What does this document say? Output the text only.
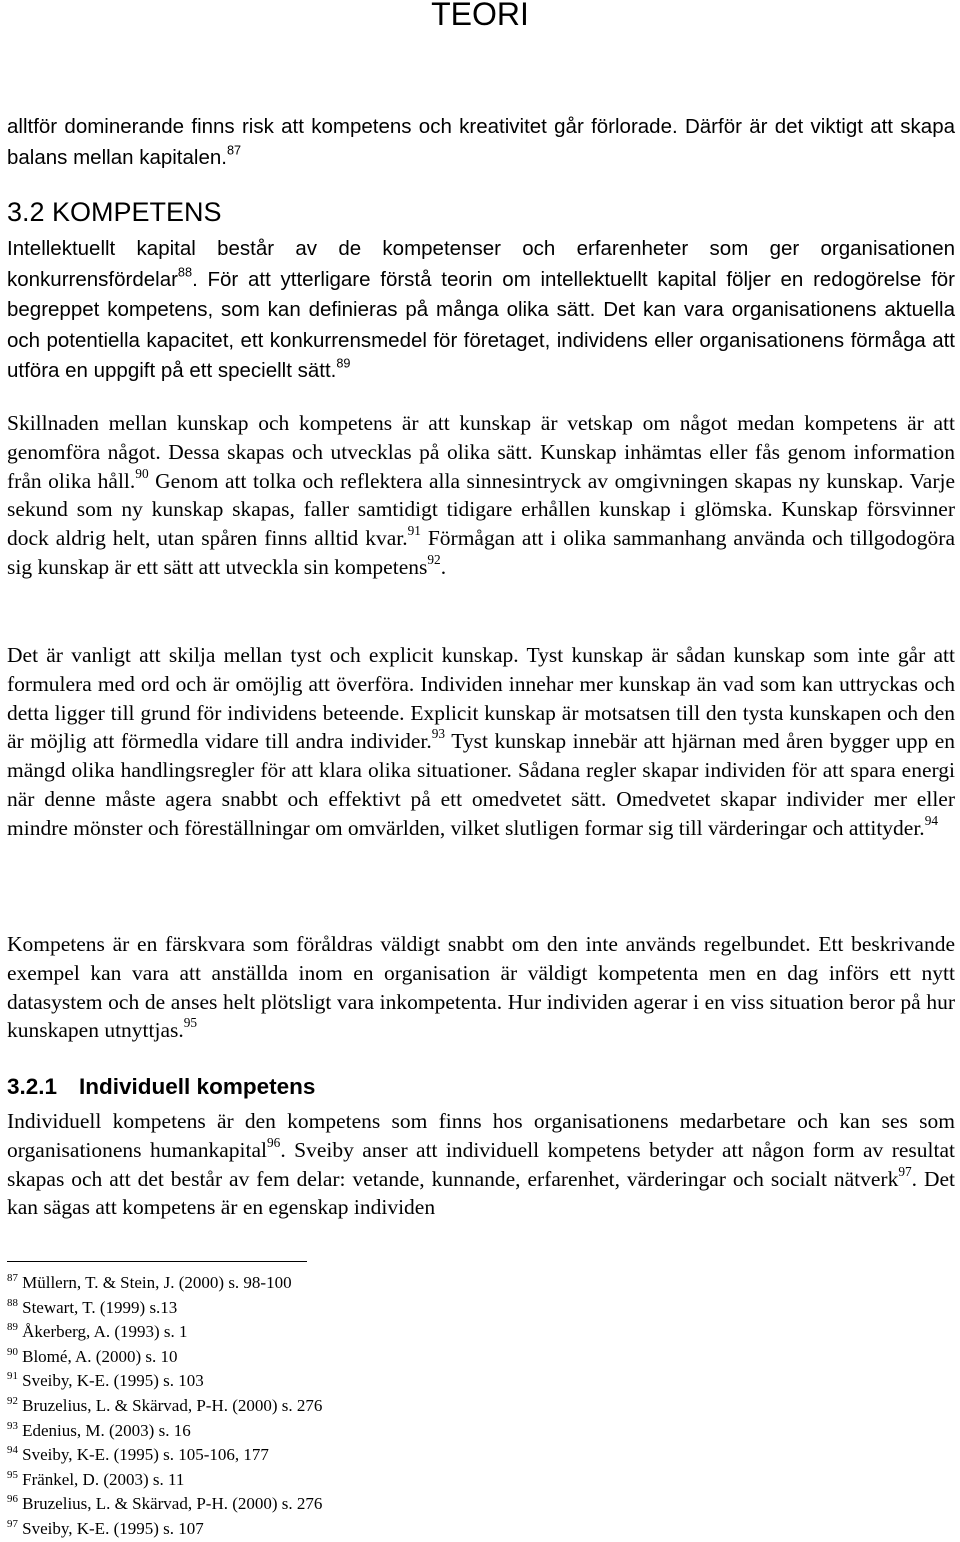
TEORI

alltför dominerande finns risk att kompetens och kreativitet går förlorade. Därför är det viktigt att skapa balans mellan kapitalen.$^{87}$

3.2 KOMPETENS

Intellektuellt kapital består av de kompetenser och erfarenheter som ger organisationen konkurrensfördelar$^{88}$. För att ytterligare förstå teorin om intellektuellt kapital följer en redogörelse för begreppet kompetens, som kan definieras på många olika sätt. Det kan vara organisationens aktuella och potentiella kapacitet, ett konkurrensmedel för företaget, individens eller organisationens förmåga att utföra en uppgift på ett speciellt sätt.$^{89}$

Skillnaden mellan kunskap och kompetens är att kunskap är vetskap om något medan kompetens är att genomföra något. Dessa skapas och utvecklas på olika sätt. Kunskap inhämtas eller fås genom information från olika håll.$^{90}$ Genom att tolka och reflektera alla sinnesintryck av omgivningen skapas ny kunskap. Varje sekund som ny kunskap skapas, faller samtidigt tidigare erhållen kunskap i glömska. Kunskap försvinner dock aldrig helt, utan spåren finns alltid kvar.$^{91}$ Förmågan att i olika sammanhang använda och tillgodogöra sig kunskap är ett sätt att utveckla sin kompetens$^{92}$.

Det är vanligt att skilja mellan tyst och explicit kunskap. Tyst kunskap är sådan kunskap som inte går att formulera med ord och är omöjlig att överföra. Individen innehar mer kunskap än vad som kan uttryckas och detta ligger till grund för individens beteende. Explicit kunskap är motsatsen till den tysta kunskapen och den är möjlig att förmedla vidare till andra individer.$^{93}$ Tyst kunskap innebär att hjärnan med åren bygger upp en mängd olika handlingsregler för att klara olika situationer. Sådana regler skapar individen för att spara energi när denne måste agera snabbt och effektivt på ett omedvetet sätt. Omedvetet skapar individer mer eller mindre mönster och föreställningar om omvärlden, vilket slutligen formar sig till värderingar och attityder.$^{94}$

Kompetens är en färskvara som föråldras väldigt snabbt om den inte används regelbundet. Ett beskrivande exempel kan vara att anställda inom en organisation är väldigt kompetenta men en dag införs ett nytt datasystem och de anses helt plötsligt vara inkompetenta. Hur individen agerar i en viss situation beror på hur kunskapen utnyttjas.$^{95}$

3.2.1 Individuell kompetens

Individuell kompetens är den kompetens som finns hos organisationens medarbetare och kan ses som organisationens humankapital$^{96}$. Sveiby anser att individuell kompetens betyder att någon form av resultat skapas och att det består av fem delar: vetande, kunnande, erfarenhet, värderingar och socialt nätverk$^{97}$. Det kan sägas att kompetens är en egenskap individen

$^{87}$ Müllern, T. & Stein, J. (2000) s. 98-100
$^{88}$ Stewart, T. (1999) s.13
$^{89}$ Åkerberg, A. (1993) s. 1
$^{90}$ Blomé, A. (2000) s. 10
$^{91}$ Sveiby, K-E. (1995) s. 103
$^{92}$ Bruzelius, L. & Skärvad, P-H. (2000) s. 276
$^{93}$ Edenius, M. (2003) s. 16
$^{94}$ Sveiby, K-E. (1995) s. 105-106, 177
$^{95}$ Fränkel, D. (2003) s. 11
$^{96}$ Bruzelius, L. & Skärvad, P-H. (2000) s. 276
$^{97}$ Sveiby, K-E. (1995) s. 107
